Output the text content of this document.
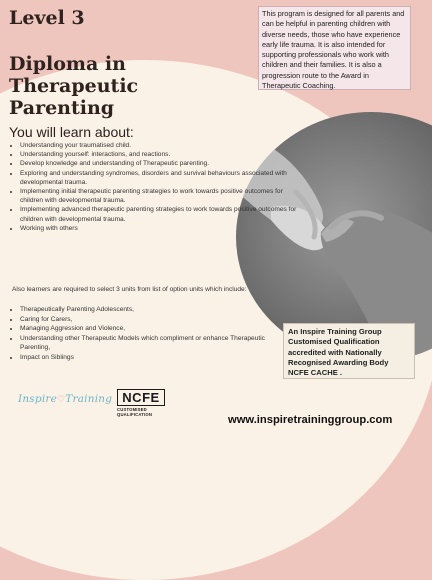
Level 3
Diploma in Therapeutic
Parenting
This program is designed for all parents and can be helpful in parenting children with diverse needs, those who have experience early life trauma. It is also intended for supporting professionals who work with children and their families. It is also a progression route to the Award in Therapeutic Coaching.
You will learn about:
• Understanding your traumatised child.
• Understanding yourself: interactions, and reactions.
• Develop knowledge and understanding of Therapeutic parenting.
• Exploring and understanding syndromes, disorders and survival behaviours associated with developmental trauma.
• Implementing initial therapeutic parenting strategies to work towards positive outcomes for children with developmental trauma.
• Implementing advanced therapeutic parenting strategies to work towards positive outcomes for children with developmental trauma.
• Working with others

Also learners are required to select 3 units from list of option units which include:

• Therapeutically Parenting Adolescents,
• Caring for Carers,
• Managing Aggression and Violence,
• Understanding other Therapeutic Models which compliment or enhance Therapeutic Parenting,
• Impact on Siblings
An Inspire Training Group Customised Qualification accredited with Nationally Recognised Awarding Body NCFE CACHE .
Inspire♡Training NCFE
CUSTOMISED QUALIFICATION	www.inspiretraininggroup.com
